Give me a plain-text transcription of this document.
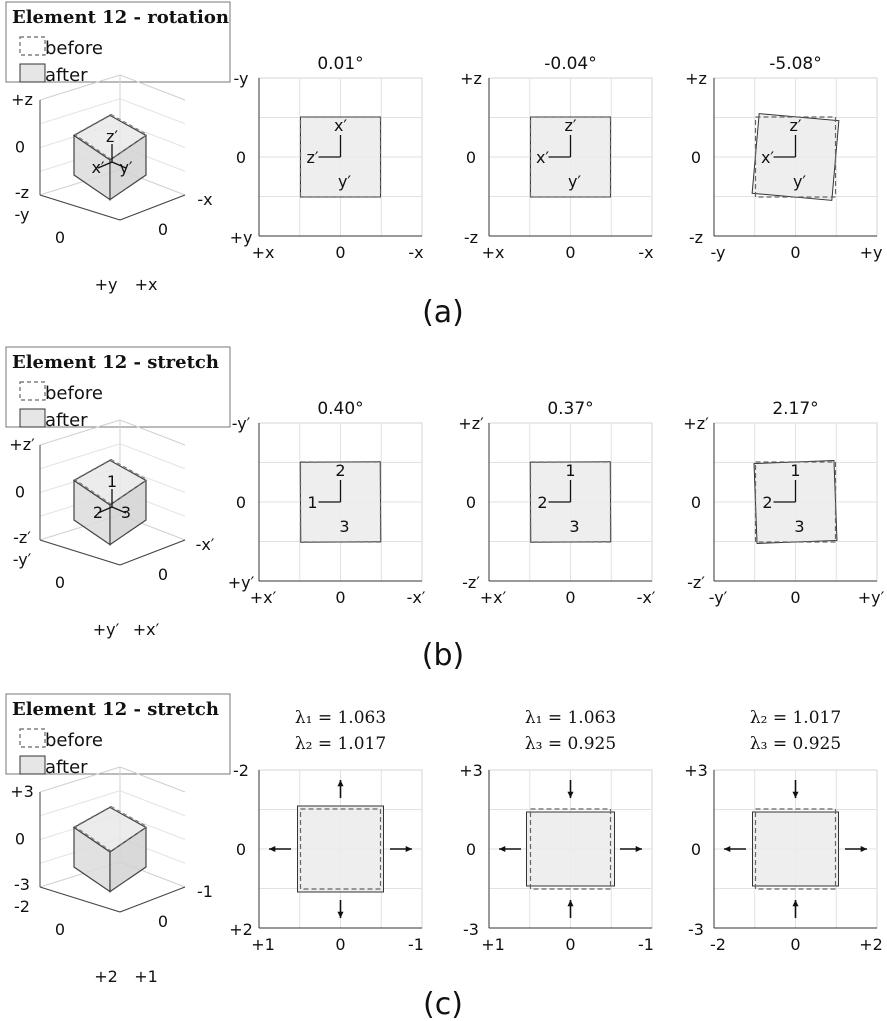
Element 12 - rotation
before
after
+z
0
-z
-y
0
+y
-x
0
+x
z′
x′ y′
0.01°
-y
0
+y
+x	0	-x
x′
z′
y′
-0.04°
+z
0
-z
+x	0	-x
z′
x′
y′
-5.08°
+z
0
-z
-y	0	+y
z′
x′
y′
(a)
Element 12 - stretch
before
after
+z′
0
-z′
-y′
0
+y′
-x′
0
+x′
1
2 3
0.40°
-y′
0
+y′
+x′	0	-x′
2
1
3
0.37°
+z′
0
-z′
+x′	0	-x′
1
2
3
2.17°
+z′
0
-z′
-y′	0	+y′
1
2
3
(b)
Element 12 - stretch
before
after
+3
0
-3
-2
0
+2
-1
0
+1
λ₁ = 1.063
λ₂ = 1.017
-2
0
+2
+1	0	-1
λ₁ = 1.063
λ₃ = 0.925
+3
0
-3
+1	0	-1
λ₂ = 1.017
λ₃ = 0.925
+3
0
-3
-2	0	+2
(c)
